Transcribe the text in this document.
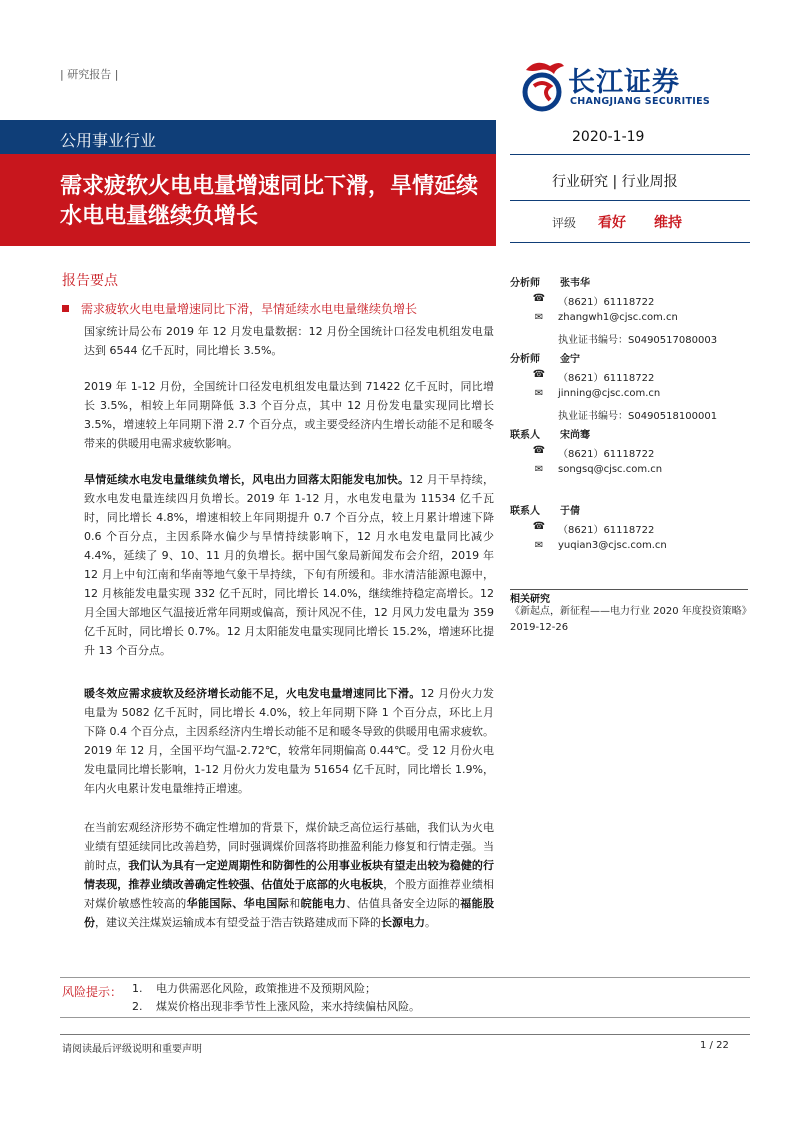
| 研究报告 |	长江证券
CHANGJIANG SECURITIES
公用事业行业
需求疲软火电电量增速同比下滑，旱情延续水电电量继续负增长
2020-1-19
行业研究 | 行业周报
评级 看好 维持
报告要点
需求疲软火电电量增速同比下滑，旱情延续水电电量继续负增长
国家统计局公布 2019 年 12 月发电量数据：12 月份全国统计口径发电机组发电量达到 6544 亿千瓦时，同比增长 3.5%。
2019 年 1-12 月份，全国统计口径发电机组发电量达到 71422 亿千瓦时，同比增长 3.5%，相较上年同期降低 3.3 个百分点，其中 12 月份发电量实现同比增长 3.5%，增速较上年同期下滑 2.7 个百分点，或主要受经济内生增长动能不足和暖冬带来的供暖用电需求疲软影响。
旱情延续水电发电量继续负增长，风电出力回落太阳能发电加快。12 月干旱持续，致水电发电量连续四月负增长。2019 年 1-12 月，水电发电量为 11534 亿千瓦时，同比增长 4.8%，增速相较上年同期提升 0.7 个百分点，较上月累计增速下降 0.6 个百分点，主因系降水偏少与旱情持续影响下，12 月水电发电量同比减少 4.4%，延续了 9、10、11 月的负增长。据中国气象局新闻发布会介绍，2019 年 12 月上中旬江南和华南等地气象干旱持续，下旬有所缓和。非水清洁能源电源中，12 月核能发电量实现 332 亿千瓦时，同比增长 14.0%，继续维持稳定高增长。12 月全国大部地区气温接近常年同期或偏高，预计风况不佳，12 月风力发电量为 359 亿千瓦时，同比增长 0.7%。12 月太阳能发电量实现同比增长 15.2%，增速环比提升 13 个百分点。
暖冬效应需求疲软及经济增长动能不足，火电发电量增速同比下滑。12 月份火力发电量为 5082 亿千瓦时，同比增长 4.0%，较上年同期下降 1 个百分点，环比上月下降 0.4 个百分点，主因系经济内生增长动能不足和暖冬导致的供暖用电需求疲软。2019 年 12 月，全国平均气温-2.72℃，较常年同期偏高 0.44℃。受 12 月份火电发电量同比增长影响，1-12 月份火力发电量为 51654 亿千瓦时，同比增长 1.9%，年内火电累计发电量维持正增速。
在当前宏观经济形势不确定性增加的背景下，煤价缺乏高位运行基础，我们认为火电业绩有望延续同比改善趋势，同时强调煤价回落将助推盈利能力修复和行情走强。当前时点，我们认为具有一定逆周期性和防御性的公用事业板块有望走出较为稳健的行情表现，推荐业绩改善确定性较强、估值处于底部的火电板块，个股方面推荐业绩相对煤价敏感性较高的华能国际、华电国际和皖能电力、估值具备安全边际的福能股份，建议关注煤炭运输成本有望受益于浩吉铁路建成而下降的长源电力。
分析师 张韦华
☎ （8621）61118722
✉ zhangwh1@cjsc.com.cn
执业证书编号：S0490517080003
分析师 金宁
☎ （8621）61118722
✉ jinning@cjsc.com.cn
执业证书编号：S0490518100001
联系人 宋尚骞
☎ （8621）61118722
✉ songsq@cjsc.com.cn
联系人 于倩
☎ （8621）61118722
✉ yuqian3@cjsc.com.cn
相关研究
《新起点，新征程——电力行业 2020 年度投资策略》2019-12-26
风险提示： 1. 电力供需恶化风险，政策推进不及预期风险；
2. 煤炭价格出现非季节性上涨风险，来水持续偏枯风险。
请阅读最后评级说明和重要声明	1 / 22
